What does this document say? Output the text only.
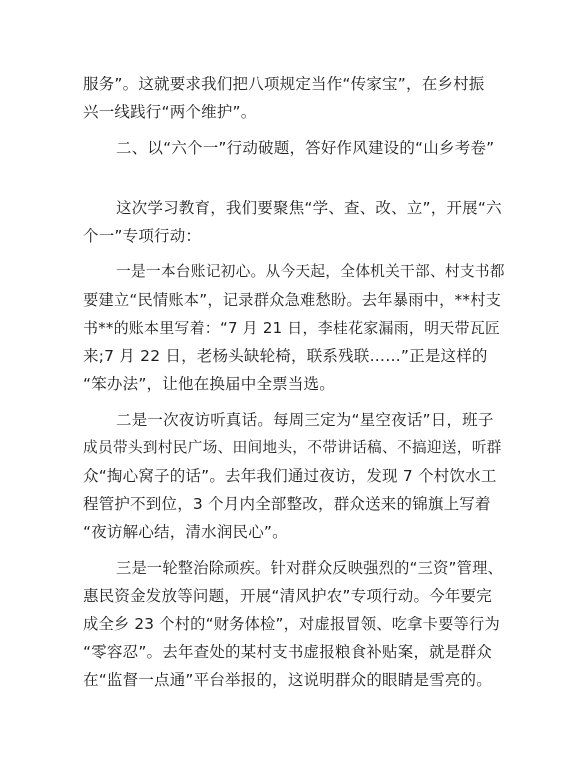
服务”。这就要求我们把八项规定当作“传家宝”，在乡村振
兴一线践行“两个维护”。
二、以“六个一”行动破题，答好作风建设的“山乡考卷”
这次学习教育，我们要聚焦“学、查、改、立”，开展“六
个一”专项行动：
一是一本台账记初心。从今天起，全体机关干部、村支书都
要建立“民情账本”，记录群众急难愁盼。去年暴雨中，**村支
书**的账本里写着：“7 月 21 日，李桂花家漏雨，明天带瓦匠
来;7 月 22 日，老杨头缺轮椅，联系残联……”正是这样的
“笨办法”，让他在换届中全票当选。
二是一次夜访听真话。每周三定为“星空夜话”日，班子
成员带头到村民广场、田间地头，不带讲话稿、不搞迎送，听群
众“掏心窝子的话”。去年我们通过夜访，发现 7 个村饮水工
程管护不到位，3 个月内全部整改，群众送来的锦旗上写着
“夜访解心结，清水润民心”。
三是一轮整治除顽疾。针对群众反映强烈的“三资”管理、
惠民资金发放等问题，开展“清风护农”专项行动。今年要完
成全乡 23 个村的“财务体检”，对虚报冒领、吃拿卡要等行为
“零容忍”。去年查处的某村支书虚报粮食补贴案，就是群众
在“监督一点通”平台举报的，这说明群众的眼睛是雪亮的。
